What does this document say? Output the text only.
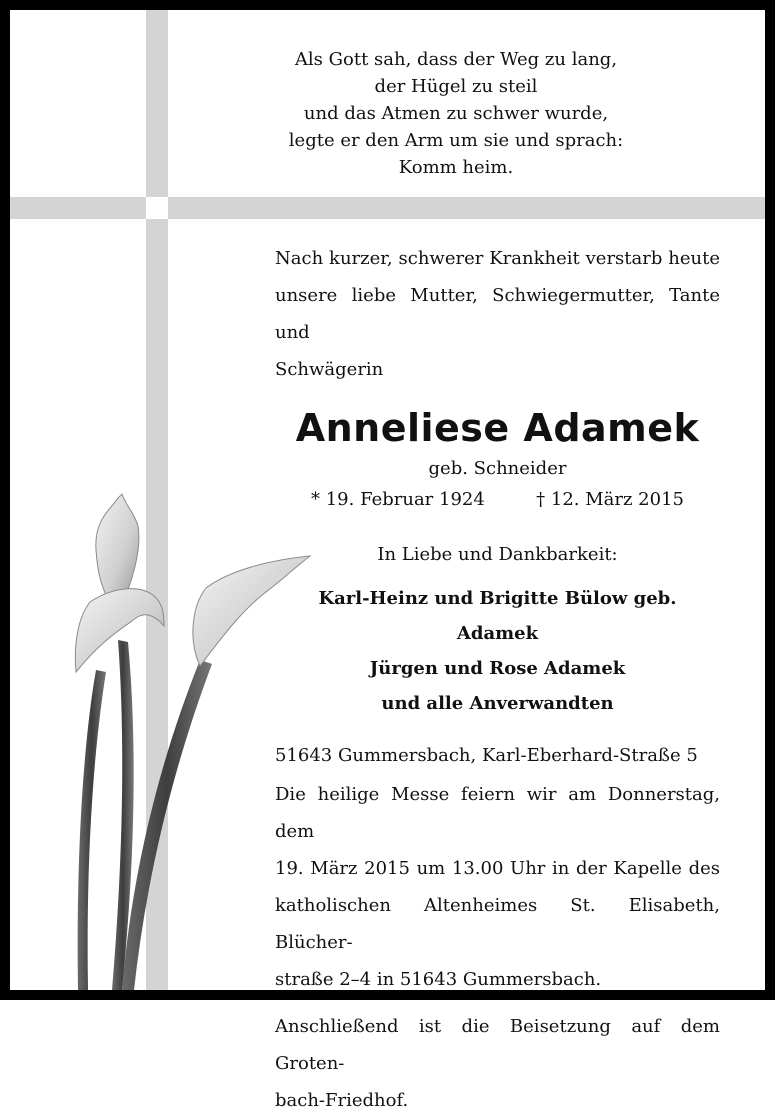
Als Gott sah, dass der Weg zu lang,
der Hügel zu steil
und das Atmen zu schwer wurde,
legte er den Arm um sie und sprach:
Komm heim.

Nach kurzer, schwerer Krankheit verstarb heute
unsere liebe Mutter, Schwiegermutter, Tante und
Schwägerin

Anneliese Adamek
geb. Schneider
* 19. Februar 1924	† 12. März 2015
In Liebe und Dankbarkeit:
Karl-Heinz und Brigitte Bülow geb. Adamek
Jürgen und Rose Adamek
und alle Anverwandten
51643 Gummersbach, Karl-Eberhard-Straße 5
Die heilige Messe feiern wir am Donnerstag, dem
19. März 2015 um 13.00 Uhr in der Kapelle des
katholischen Altenheimes St. Elisabeth, Blücher-
straße 2–4 in 51643 Gummersbach.
Anschließend ist die Beisetzung auf dem Groten-
bach-Friedhof.
